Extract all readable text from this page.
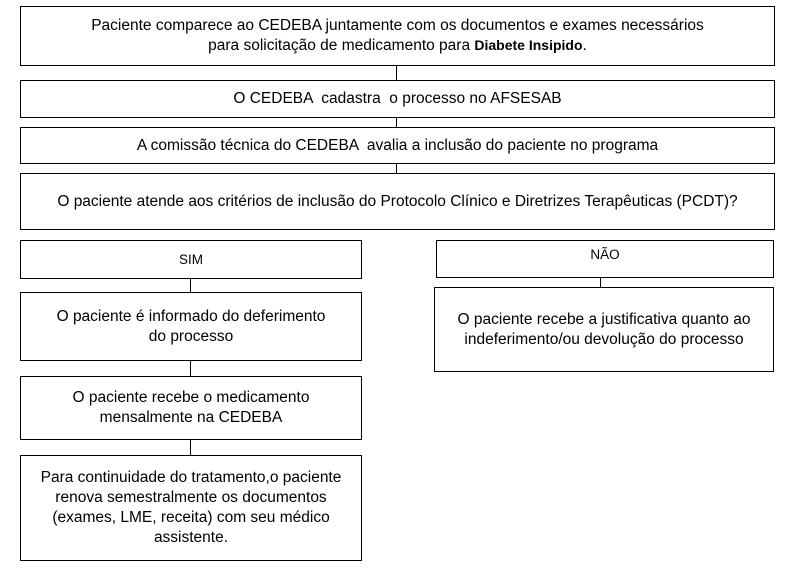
Paciente comparece ao CEDEBA juntamente com os documentos e exames necessários
para solicitação de medicamento para Diabete Insipido.
O CEDEBA  cadastra  o processo no AFSESAB
A comissão técnica do CEDEBA  avalia a inclusão do paciente no programa
O paciente atende aos critérios de inclusão do Protocolo Clínico e Diretrizes Terapêuticas (PCDT)?
SIM	NÃO
O paciente é informado do deferimento do processo
O paciente recebe a justificativa quanto ao indeferimento/ou devolução do processo
O paciente recebe o medicamento mensalmente na CEDEBA
Para continuidade do tratamento,o paciente renova semestralmente os documentos (exames, LME, receita) com seu médico assistente.
